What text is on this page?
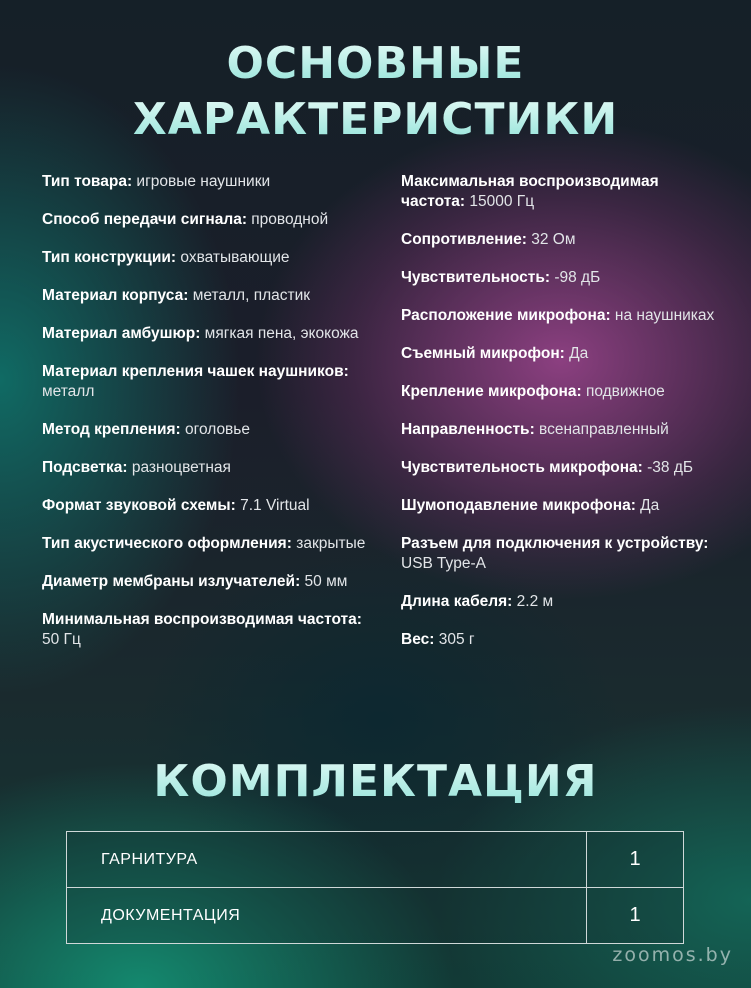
ОСНОВНЫЕ
ХАРАКТЕРИСТИКИ
Тип товара: игровые наушники
Способ передачи сигнала: проводной
Тип конструкции: охватывающие
Материал корпуса: металл, пластик
Материал амбушюр: мягкая пена, экокожа
Материал крепления чашек наушников: металл
Метод крепления: оголовье
Подсветка: разноцветная
Формат звуковой схемы: 7.1 Virtual
Тип акустического оформления: закрытые
Диаметр мембраны излучателей: 50 мм
Минимальная воспроизводимая частота: 50 Гц
Максимальная воспроизводимая частота: 15000 Гц
Сопротивление: 32 Ом
Чувствительность: -98 дБ
Расположение микрофона: на наушниках
Съемный микрофон: Да
Крепление микрофона: подвижное
Направленность: всенаправленный
Чувствительность микрофона: -38 дБ
Шумоподавление микрофона: Да
Разъем для подключения к устройству: USB Type-A
Длина кабеля: 2.2 м
Вес: 305 г
КОМПЛЕКТАЦИЯ
ГАРНИТУРА	1
ДОКУМЕНТАЦИЯ	1
zoomos.by
